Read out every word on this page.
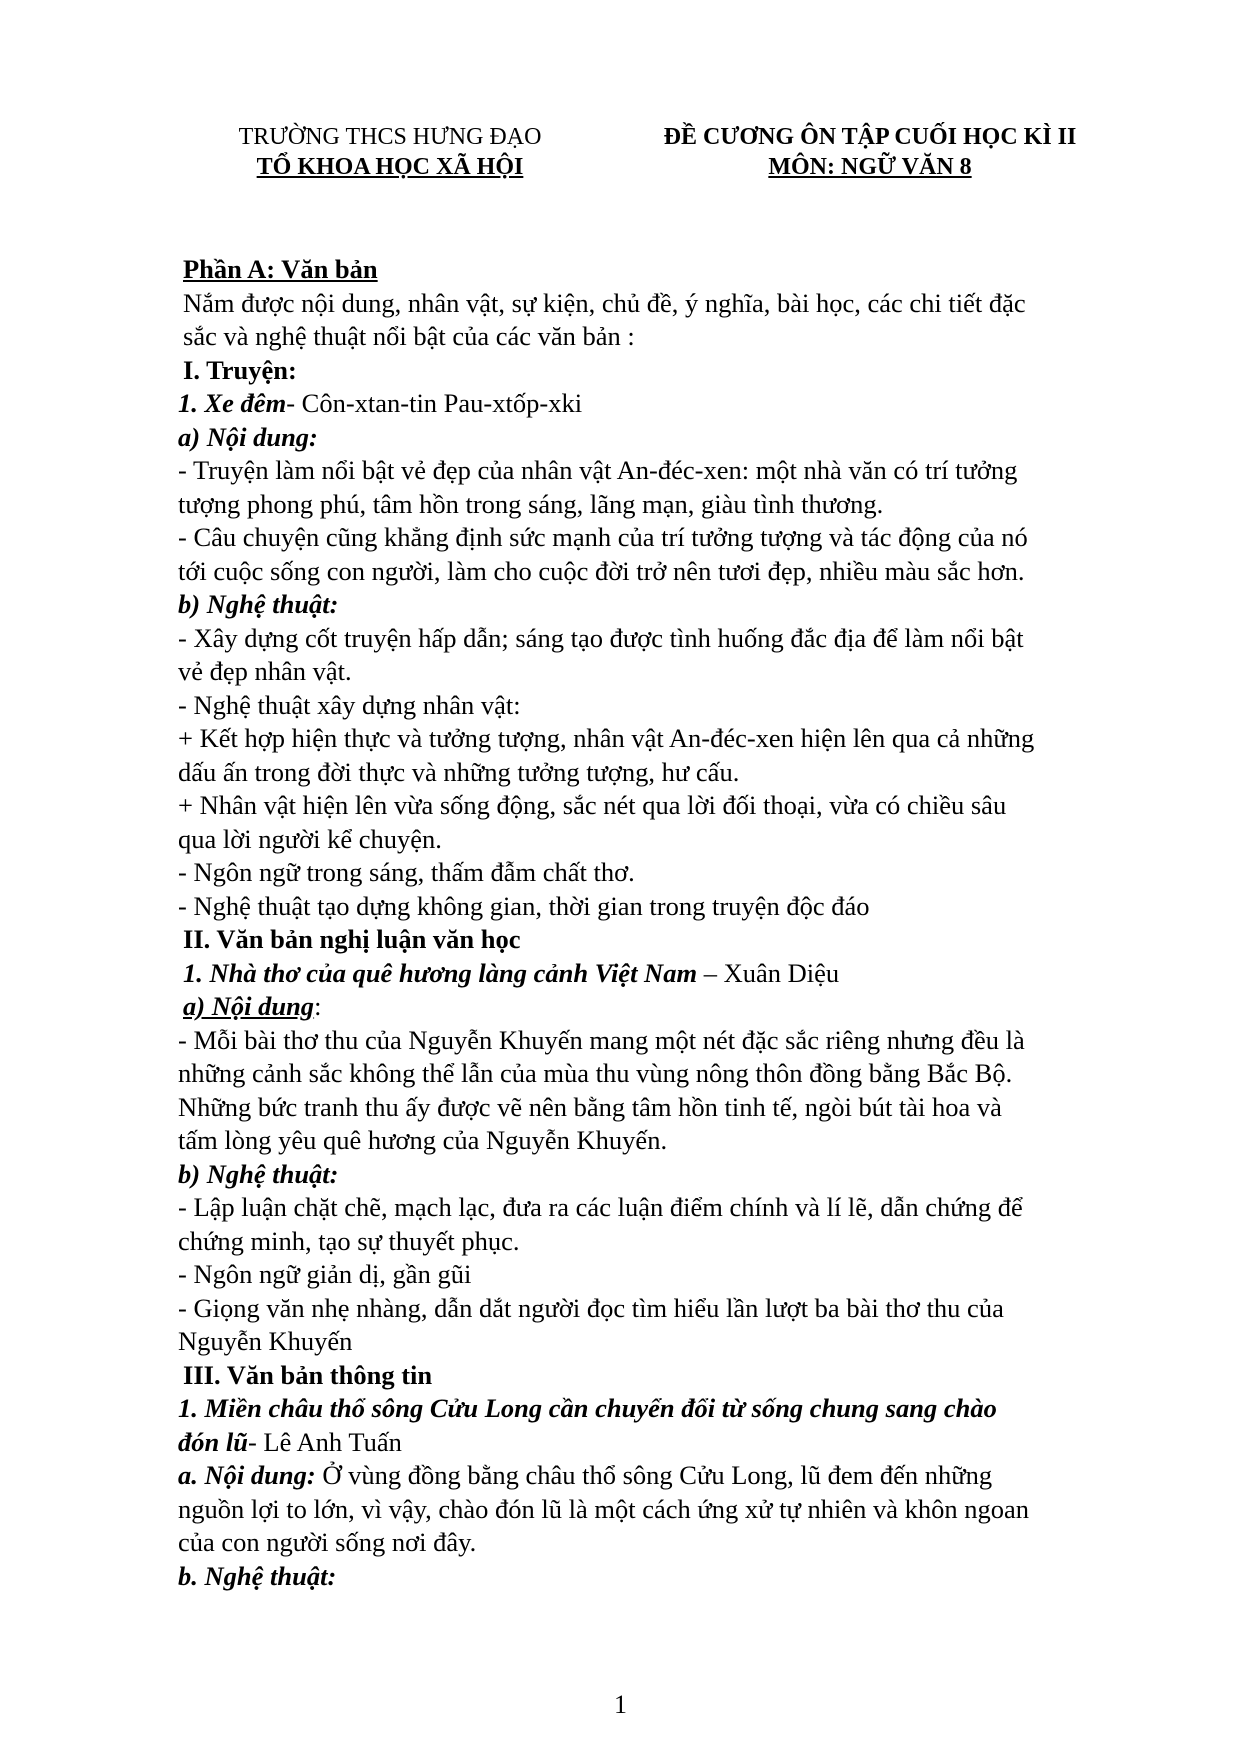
TRƯỜNG THCS HƯNG ĐẠO
TỔ KHOA HỌC XÃ HỘI
ĐỀ CƯƠNG ÔN TẬP CUỐI HỌC KÌ II
MÔN: NGỮ VĂN 8

Phần A: Văn bản

Nắm được nội dung, nhân vật, sự kiện, chủ đề, ý nghĩa, bài học, các chi tiết đặc

sắc và nghệ thuật nổi bật của các văn bản :

I. Truyện:

1. Xe đêm- Côn-xtan-tin Pau-xtốp-xki

a) Nội dung:

- Truyện làm nổi bật vẻ đẹp của nhân vật An-đéc-xen: một nhà văn có trí tưởng

tượng phong phú, tâm hồn trong sáng, lãng mạn, giàu tình thương.

- Câu chuyện cũng khẳng định sức mạnh của trí tưởng tượng và tác động của nó

tới cuộc sống con người, làm cho cuộc đời trở nên tươi đẹp, nhiều màu sắc hơn.

b) Nghệ thuật:

- Xây dựng cốt truyện hấp dẫn; sáng tạo được tình huống đắc địa để làm nổi bật

vẻ đẹp nhân vật.

- Nghệ thuật xây dựng nhân vật:

+ Kết hợp hiện thực và tưởng tượng, nhân vật An-đéc-xen hiện lên qua cả những

dấu ấn trong đời thực và những tưởng tượng, hư cấu.

+ Nhân vật hiện lên vừa sống động, sắc nét qua lời đối thoại, vừa có chiều sâu

qua lời người kể chuyện.

- Ngôn ngữ trong sáng, thấm đẫm chất thơ.

- Nghệ thuật tạo dựng không gian, thời gian trong truyện độc đáo

II. Văn bản nghị luận văn học

1. Nhà thơ của quê hương làng cảnh Việt Nam – Xuân Diệu

a) Nội dung:

- Mỗi bài thơ thu của Nguyễn Khuyến mang một nét đặc sắc riêng nhưng đều là

những cảnh sắc không thể lẫn của mùa thu vùng nông thôn đồng bằng Bắc Bộ.

Những bức tranh thu ấy được vẽ nên bằng tâm hồn tinh tế, ngòi bút tài hoa và

tấm lòng yêu quê hương của Nguyễn Khuyến.

b) Nghệ thuật:

- Lập luận chặt chẽ, mạch lạc, đưa ra các luận điểm chính và lí lẽ, dẫn chứng để

chứng minh, tạo sự thuyết phục.

- Ngôn ngữ giản dị, gần gũi

- Giọng văn nhẹ nhàng, dẫn dắt người đọc tìm hiểu lần lượt ba bài thơ thu của

Nguyễn Khuyến

III. Văn bản thông tin

1. Miền châu thổ sông Cửu Long cần chuyển đổi từ sống chung sang chào

đón lũ- Lê Anh Tuấn

a. Nội dung: Ở vùng đồng bằng châu thổ sông Cửu Long, lũ đem đến những

nguồn lợi to lớn, vì vậy, chào đón lũ là một cách ứng xử tự nhiên và khôn ngoan

của con người sống nơi đây.

b. Nghệ thuật:

1
